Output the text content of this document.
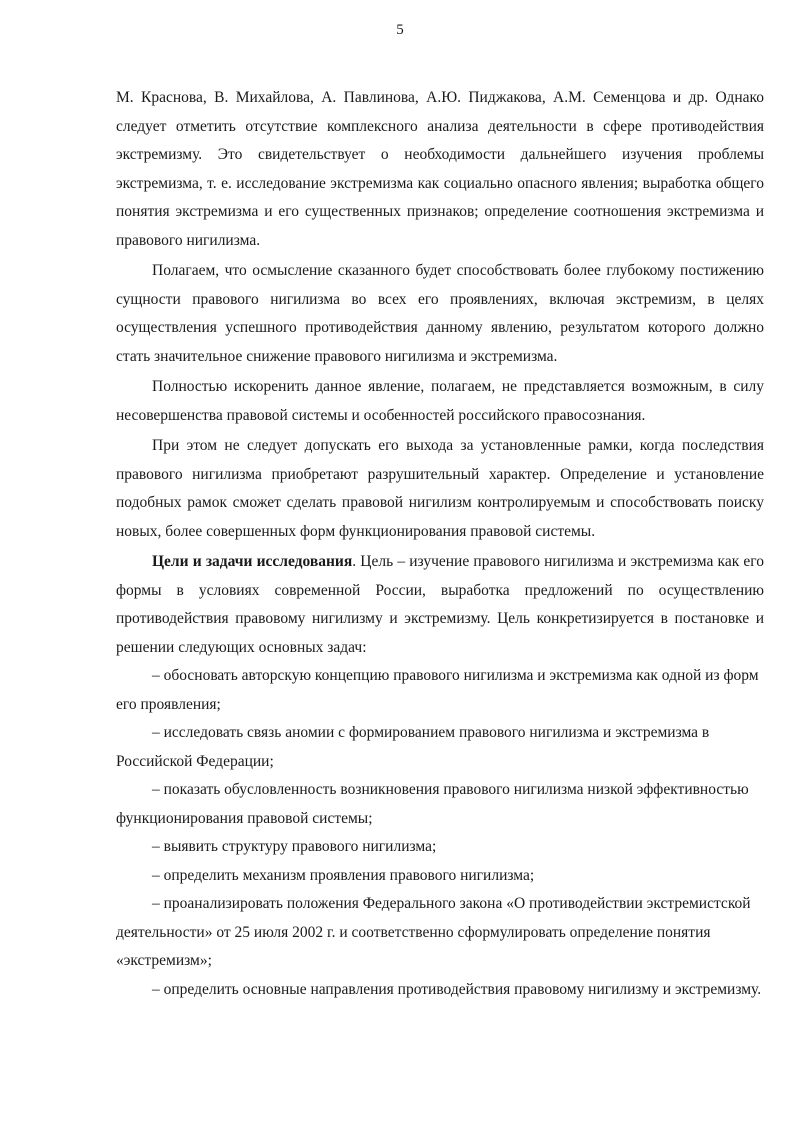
5

М. Краснова, В. Михайлова, А. Павлинова, А.Ю. Пиджакова, А.М. Семенцова и др. Однако следует отметить отсутствие комплексного анализа деятельности в сфере противодействия экстремизму. Это свидетельствует о необходимости дальнейшего изучения проблемы экстремизма, т. е. исследование экстремизма как социально опасного явления; выработка общего понятия экстремизма и его существенных признаков; определение соотношения экстремизма и правового нигилизма.

Полагаем, что осмысление сказанного будет способствовать более глубокому постижению сущности правового нигилизма во всех его проявлениях, включая экстремизм, в целях осуществления успешного противодействия данному явлению, результатом которого должно стать значительное снижение правового нигилизма и экстремизма.

Полностью искоренить данное явление, полагаем, не представляется возможным, в силу несовершенства правовой системы и особенностей российского правосознания.

При этом не следует допускать его выхода за установленные рамки, когда последствия правового нигилизма приобретают разрушительный характер. Определение и установление подобных рамок сможет сделать правовой нигилизм контролируемым и способствовать поиску новых, более совершенных форм функционирования правовой системы.

Цели и задачи исследования. Цель – изучение правового нигилизма и экстремизма как его формы в условиях современной России, выработка предложений по осуществлению противодействия правовому нигилизму и экстремизму. Цель конкретизируется в постановке и решении следующих основных задач:

– обосновать авторскую концепцию правового нигилизма и экстремизма как одной из форм его проявления;

– исследовать связь аномии с формированием правового нигилизма и экстремизма в Российской Федерации;

– показать обусловленность возникновения правового нигилизма низкой эффективностью функционирования правовой системы;

– выявить структуру правового нигилизма;

– определить механизм проявления правового нигилизма;

– проанализировать положения Федерального закона «О противодействии экстремистской деятельности» от 25 июля 2002 г. и соответственно сформулировать определение понятия «экстремизм»;

– определить основные направления противодействия правовому нигилизму и экстремизму.
